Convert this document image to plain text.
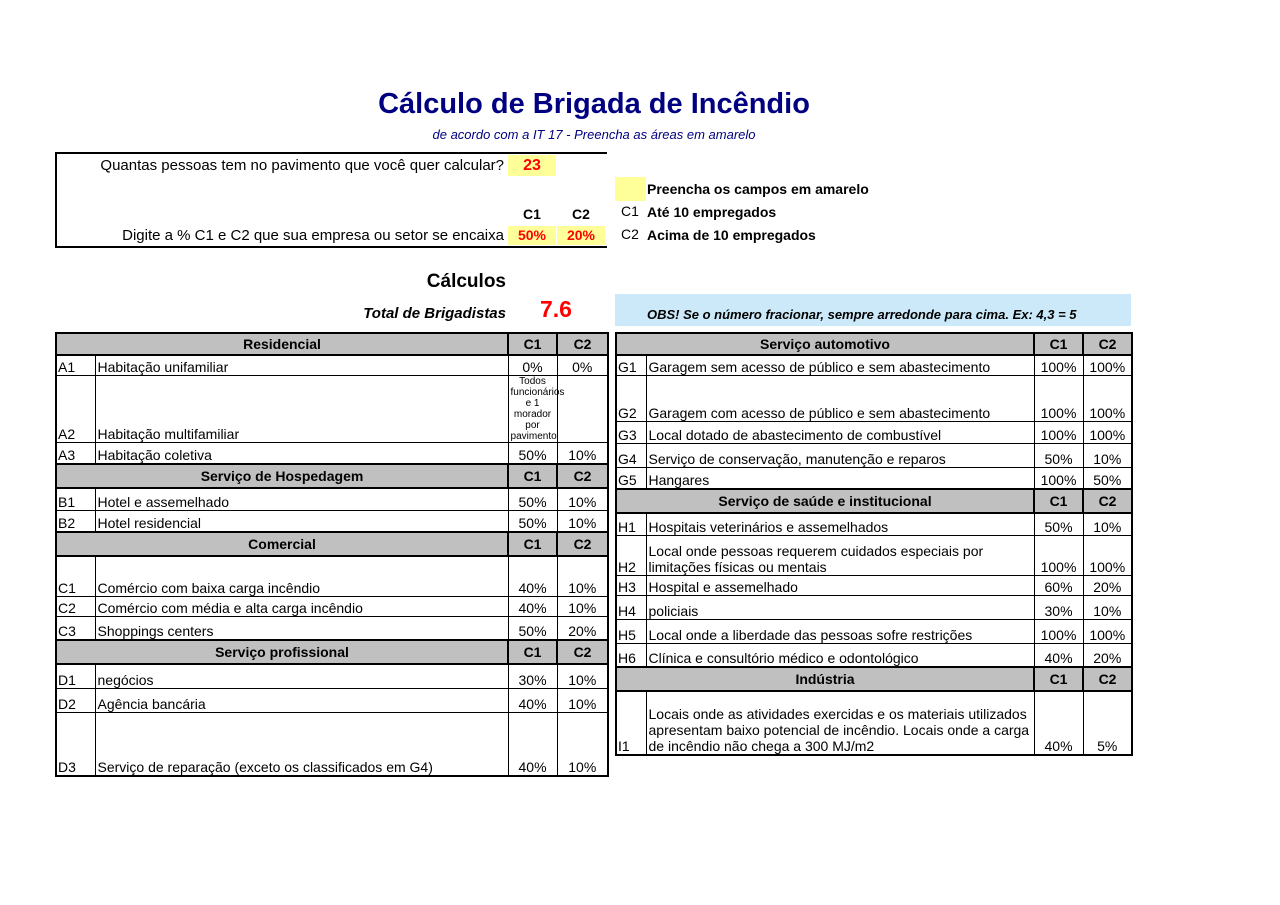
Cálculo de Brigada de Incêndio
de acordo com a IT 17 - Preencha as áreas em amarelo
Quantas pessoas tem no pavimento que você quer calcular?	23
C1	C2
Digite a % C1 e C2 que sua empresa ou setor se encaixa 50%	20%
Preencha os campos em amarelo
C1 Até 10 empregados
C2 Acima de 10 empregados
Cálculos
Total de Brigadistas	7.6	OBS! Se o número fracionar, sempre arredonde para cima. Ex: 4,3 = 5
Residencial		C1	C2
A1	Habitação unifamiliar	0%	0%
A2	Habitação multifamiliar	Todos funcionários e 1 morador por pavimento	
A3	Habitação coletiva	50%	10%
Serviço de Hospedagem		C1	C2
B1	Hotel e assemelhado	50%	10%
B2	Hotel residencial	50%	10%
Comercial		C1	C2
C1	Comércio com baixa carga incêndio	40%	10%
C2	Comércio com média e alta carga incêndio	40%	10%
C3	Shoppings centers	50%	20%
Serviço profissional		C1	C2
D1	negócios	30%	10%
D2	Agência bancária	40%	10%
D3	Serviço de reparação (exceto os classificados em G4)	40%	10%
Serviço automotivo		C1	C2
G1	Garagem sem acesso de público e sem abastecimento	100%	100%
G2	Garagem com acesso de público e sem abastecimento	100%	100%
G3	Local dotado de abastecimento de combustível	100%	100%
G4	Serviço de conservação, manutenção e reparos	50%	10%
G5	Hangares	100%	50%
Serviço de saúde e institucional		C1	C2
H1	Hospitais veterinários e assemelhados	50%	10%
H2	Local onde pessoas requerem cuidados especiais por limitações físicas ou mentais	100%	100%
H3	Hospital e assemelhado	60%	20%
H4	policiais	30%	10%
H5	Local onde a liberdade das pessoas sofre restrições	100%	100%
H6	Clínica e consultório médico e odontológico	40%	20%
Indústria		C1	C2
I1	Locais onde as atividades exercidas e os materiais utilizados apresentam baixo potencial de incêndio. Locais onde a carga de incêndio não chega a 300 MJ/m2	40%	5%
